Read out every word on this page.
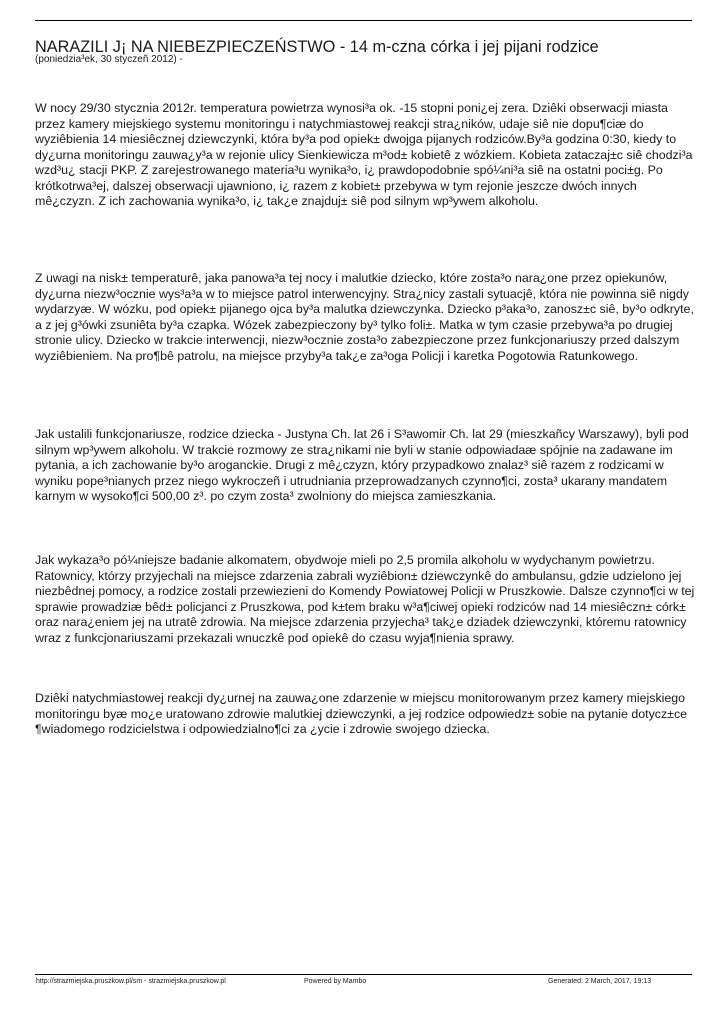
NARAZILI J¡ NA NIEBEZPIECZEŃSTWO - 14 m-czna córka i jej pijani rodzice
(poniedzia³ek, 30 styczeñ 2012) -

W nocy 29/30 stycznia 2012r. temperatura powietrza wynosi³a ok. -15 stopni poni¿ej zera. Dziêki obserwacji miasta przez kamery miejskiego systemu monitoringu i natychmiastowej reakcji stra¿ników, udaje siê nie dopu¶ciæ do wyziêbienia 14 miesiêcznej dziewczynki, która by³a pod opiek± dwojga pijanych rodziców.By³a godzina 0:30, kiedy to dy¿urna monitoringu zauwa¿y³a w rejonie ulicy Sienkiewicza m³od± kobietê z wózkiem. Kobieta zataczaj±c siê chodzi³a wzd³u¿ stacji PKP. Z zarejestrowanego materia³u wynika³o, i¿ prawdopodobnie spó¼ni³a siê na ostatni poci±g. Po krótkotrwa³ej, dalszej obserwacji ujawniono, i¿ razem z kobiet± przebywa w tym rejonie jeszcze dwóch innych mê¿czyzn. Z ich zachowania wynika³o, i¿ tak¿e znajduj± siê pod silnym wp³ywem alkoholu.

Z uwagi na nisk± temperaturê, jaka panowa³a tej nocy i malutkie dziecko, które zosta³o nara¿one przez opiekunów, dy¿urna niezw³ocznie wys³a³a w to miejsce patrol interwencyjny. Stra¿nicy zastali sytuacjê, która nie powinna siê nigdy wydarzyæ. W wózku, pod opiek± pijanego ojca by³a malutka dziewczynka. Dziecko p³aka³o, zanosz±c siê, by³o odkryte, a z jej g³ówki zsuniêta by³a czapka. Wózek zabezpieczony by³ tylko foli±. Matka w tym czasie przebywa³a po drugiej stronie ulicy. Dziecko w trakcie interwencji, niezw³ocznie zosta³o zabezpieczone przez funkcjonariuszy przed dalszym wyziêbieniem. Na pro¶bê patrolu, na miejsce przyby³a tak¿e za³oga Policji i karetka Pogotowia Ratunkowego.

Jak ustalili funkcjonariusze, rodzice dziecka - Justyna Ch. lat 26 i S³awomir Ch. lat 29 (mieszkañcy Warszawy), byli pod silnym wp³ywem alkoholu. W trakcie rozmowy ze stra¿nikami nie byli w stanie odpowiadaæ spójnie na zadawane im pytania, a ich zachowanie by³o aroganckie. Drugi z mê¿czyzn, który przypadkowo znalaz³ siê razem z rodzicami w wyniku pope³nianych przez niego wykroczeñ i utrudniania przeprowadzanych czynno¶ci, zosta³ ukarany mandatem karnym w wysoko¶ci 500,00 z³. po czym zosta³ zwolniony do miejsca zamieszkania.

Jak wykaza³o pó¼niejsze badanie alkomatem, obydwoje mieli po 2,5 promila alkoholu w wydychanym powietrzu. Ratownicy, którzy przyjechali na miejsce zdarzenia zabrali wyziêbion± dziewczynkê do ambulansu, gdzie udzielono jej niezbêdnej pomocy, a rodzice zostali przewiezieni do Komendy Powiatowej Policji w Pruszkowie. Dalsze czynno¶ci w tej sprawie prowadziæ bêd± policjanci z Pruszkowa, pod k±tem braku w³a¶ciwej opieki rodziców nad 14 miesiêczn± córk± oraz nara¿eniem jej na utratê zdrowia. Na miejsce zdarzenia przyjecha³ tak¿e dziadek dziewczynki, któremu ratownicy wraz z funkcjonariuszami przekazali wnuczkê pod opiekê do czasu wyja¶nienia sprawy.

Dziêki natychmiastowej reakcji dy¿urnej na zauwa¿one zdarzenie w miejscu monitorowanym przez kamery miejskiego monitoringu byæ mo¿e uratowano zdrowie malutkiej dziewczynki, a jej rodzice odpowiedz± sobie na pytanie dotycz±ce ¶wiadomego rodzicielstwa i odpowiedzialno¶ci za ¿ycie i zdrowie swojego dziecka.

http://strazmiejska.pruszkow.pl/sm - strazmiejska.pruszkow.pl	Powered by Mambo	Generated: 2 March, 2017, 19:13
